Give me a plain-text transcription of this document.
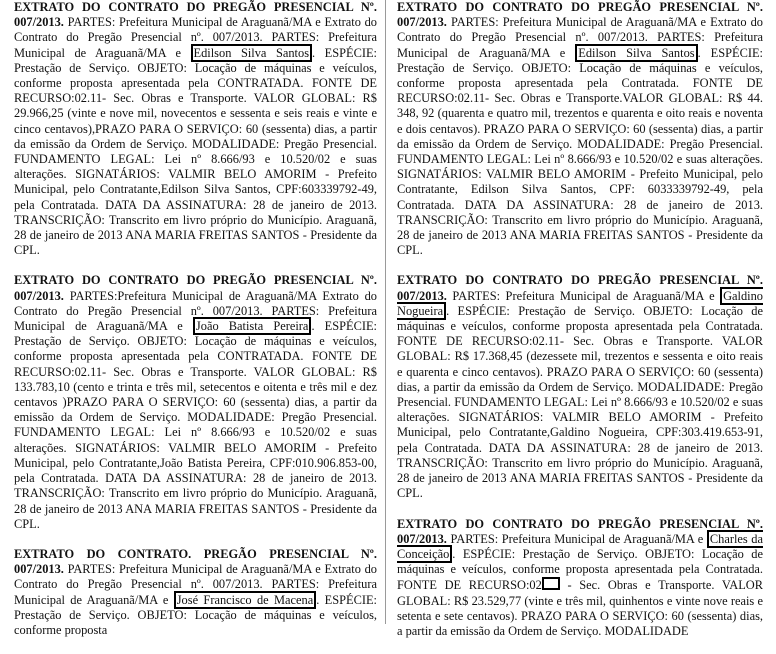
EXTRATO DO CONTRATO DO PREGÃO PRESENCIAL Nº. 007/2013. PARTES: Prefeitura Municipal de Araguanã/MA e Extrato do Contrato do Pregão Presencial nº. 007/2013. PARTES: Prefeitura Municipal de Araguanã/MA e Edilson Silva Santos . ESPÉCIE: Prestação de Serviço. OBJETO: Locação de máquinas e veículos, conforme proposta apresentada pela CONTRATADA. FONTE DE RECURSO:02.11- Sec. Obras e Transporte. VALOR GLOBAL: R$ 29.966,25 (vinte e nove mil, novecentos e sessenta e seis reais e vinte e cinco centavos),PRAZO PARA O SERVIÇO: 60 (sessenta) dias, a partir da emissão da Ordem de Serviço. MODALIDADE: Pregão Presencial. FUNDAMENTO LEGAL: Lei nº 8.666/93 e 10.520/02 e suas alterações. SIGNATÁRIOS: VALMIR BELO AMORIM - Prefeito Municipal, pelo Contratante,Edilson Silva Santos, CPF:603339792-49, pela Contratada. DATA DA ASSINATURA: 28 de janeiro de 2013. TRANSCRIÇÃO: Transcrito em livro próprio do Município. Araguanã, 28 de janeiro de 2013 ANA MARIA FREITAS SANTOS - Presidente da CPL.

EXTRATO DO CONTRATO DO PREGÃO PRESENCIAL Nº. 007/2013. PARTES:Prefeitura Municipal de Araguanã/MA Extrato do Contrato do Pregão Presencial nº. 007/2013. PARTES: Prefeitura Municipal de Araguanã/MA e João Batista Pereira . ESPÉCIE: Prestação de Serviço. OBJETO: Locação de máquinas e veículos, conforme proposta apresentada pela CONTRATADA. FONTE DE RECURSO:02.11- Sec. Obras e Transporte. VALOR GLOBAL: R$ 133.783,10 (cento e trinta e três mil, setecentos e oitenta e três mil e dez centavos )PRAZO PARA O SERVIÇO: 60 (sessenta) dias, a partir da emissão da Ordem de Serviço. MODALIDADE: Pregão Presencial. FUNDAMENTO LEGAL: Lei nº 8.666/93 e 10.520/02 e suas alterações. SIGNATÁRIOS: VALMIR BELO AMORIM - Prefeito Municipal, pelo Contratante,João Batista Pereira, CPF:010.906.853-00, pela Contratada. DATA DA ASSINATURA: 28 de janeiro de 2013. TRANSCRIÇÃO: Transcrito em livro próprio do Município. Araguanã, 28 de janeiro de 2013 ANA MARIA FREITAS SANTOS - Presidente da CPL.

EXTRATO DO CONTRATO. PREGÃO PRESENCIAL Nº. 007/2013. PARTES: Prefeitura Municipal de Araguanã/MA e Extrato do Contrato do Pregão Presencial nº. 007/2013. PARTES: Prefeitura Municipal de Araguanã/MA e José Francisco de Macena . ESPÉCIE: Prestação de Serviço. OBJETO: Locação de máquinas e veículos, conforme proposta

EXTRATO DO CONTRATO DO PREGÃO PRESENCIAL Nº. 007/2013. PARTES: Prefeitura Municipal de Araguanã/MA e Extrato do Contrato do Pregão Presencial nº. 007/2013. PARTES: Prefeitura Municipal de Araguanã/MA e Edilson Silva Santos . ESPÉCIE: Prestação de Serviço. OBJETO: Locação de máquinas e veículos, conforme proposta apresentada pela Contratada. FONTE DE RECURSO:02.11- Sec. Obras e Transporte.VALOR GLOBAL: R$ 44. 348, 92 (quarenta e quatro mil, trezentos e quarenta e oito reais e noventa e dois centavos). PRAZO PARA O SERVIÇO: 60 (sessenta) dias, a partir da emissão da Ordem de Serviço. MODALIDADE: Pregão Presencial. FUNDAMENTO LEGAL: Lei nº 8.666/93 e 10.520/02 e suas alterações. SIGNATÁRIOS: VALMIR BELO AMORIM - Prefeito Municipal, pelo Contratante, Edilson Silva Santos, CPF: 6033339792-49, pela Contratada. DATA DA ASSINATURA: 28 de janeiro de 2013. TRANSCRIÇÃO: Transcrito em livro próprio do Município. Araguanã, 28 de janeiro de 2013 ANA MARIA FREITAS SANTOS - Presidente da CPL.

EXTRATO DO CONTRATO DO PREGÃO PRESENCIAL Nº. 007/2013. PARTES: Prefeitura Municipal de Araguanã/MA e Galdino Nogueira . ESPÉCIE: Prestação de Serviço. OBJETO: Locação de máquinas e veículos, conforme proposta apresentada pela Contratada. FONTE DE RECURSO:02.11- Sec. Obras e Transporte. VALOR GLOBAL: R$ 17.368,45 (dezessete mil, trezentos e sessenta e oito reais e quarenta e cinco centavos). PRAZO PARA O SERVIÇO: 60 (sessenta) dias, a partir da emissão da Ordem de Serviço. MODALIDADE: Pregão Presencial. FUNDAMENTO LEGAL: Lei nº 8.666/93 e 10.520/02 e suas alterações. SIGNATÁRIOS: VALMIR BELO AMORIM - Prefeito Municipal, pelo Contratante,Galdino Nogueira, CPF:303.419.653-91, pela Contratada. DATA DA ASSINATURA: 28 de janeiro de 2013. TRANSCRIÇÃO: Transcrito em livro próprio do Município. Araguanã, 28 de janeiro de 2013 ANA MARIA FREITAS SANTOS - Presidente da CPL.

EXTRATO DO CONTRATO DO PREGÃO PRESENCIAL Nº. 007/2013. PARTES: Prefeitura Municipal de Araguanã/MA e Charles da Conceição . ESPÉCIE: Prestação de Serviço. OBJETO: Locação de máquinas e veículos, conforme proposta apresentada pela Contratada. FONTE DE RECURSO:02 - Sec. Obras e Transporte. VALOR GLOBAL: R$ 23.529,77 (vinte e três mil, quinhentos e vinte nove reais e setenta e sete centavos). PRAZO PARA O SERVIÇO: 60 (sessenta) dias, a partir da emissão da Ordem de Serviço. MODALIDADE
